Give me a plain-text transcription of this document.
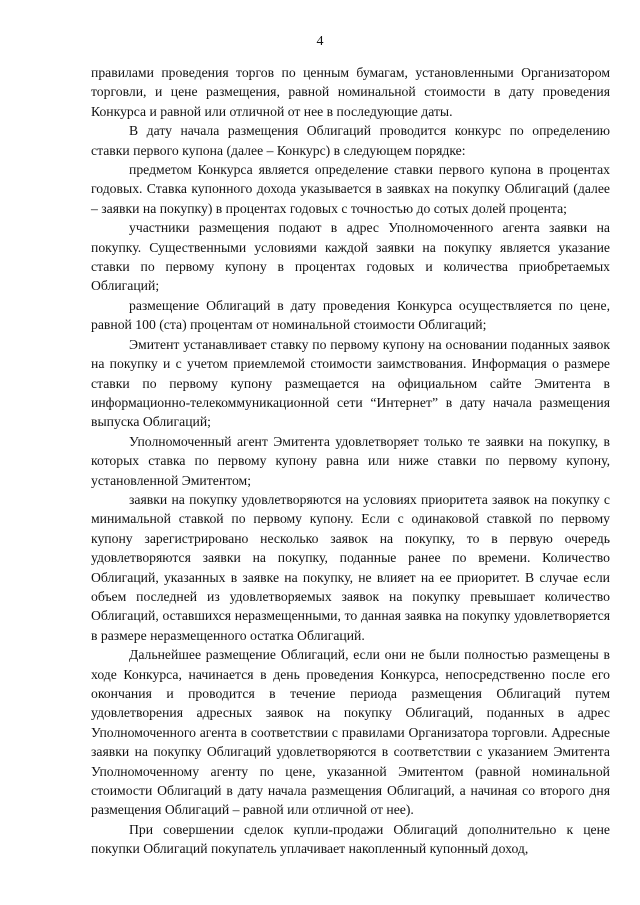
4

правилами проведения торгов по ценным бумагам, установленными Организатором торговли, и цене размещения, равной номинальной стоимости в дату проведения Конкурса и равной или отличной от нее в последующие даты.

В дату начала размещения Облигаций проводится конкурс по определению ставки первого купона (далее – Конкурс) в следующем порядке:

предметом Конкурса является определение ставки первого купона в процентах годовых. Ставка купонного дохода указывается в заявках на покупку Облигаций (далее – заявки на покупку) в процентах годовых с точностью до сотых долей процента;

участники размещения подают в адрес Уполномоченного агента заявки на покупку. Существенными условиями каждой заявки на покупку является указание ставки по первому купону в процентах годовых и количества приобретаемых Облигаций;

размещение Облигаций в дату проведения Конкурса осуществляется по цене, равной 100 (ста) процентам от номинальной стоимости Облигаций;

Эмитент устанавливает ставку по первому купону на основании поданных заявок на покупку и с учетом приемлемой стоимости заимствования. Информация о размере ставки по первому купону размещается на официальном сайте Эмитента в информационно-телекоммуникационной сети “Интернет” в дату начала размещения выпуска Облигаций;

Уполномоченный агент Эмитента удовлетворяет только те заявки на покупку, в которых ставка по первому купону равна или ниже ставки по первому купону, установленной Эмитентом;

заявки на покупку удовлетворяются на условиях приоритета заявок на покупку с минимальной ставкой по первому купону. Если с одинаковой ставкой по первому купону зарегистрировано несколько заявок на покупку, то в первую очередь удовлетворяются заявки на покупку, поданные ранее по времени. Количество Облигаций, указанных в заявке на покупку, не влияет на ее приоритет. В случае если объем последней из удовлетворяемых заявок на покупку превышает количество Облигаций, оставшихся неразмещенными, то данная заявка на покупку удовлетворяется в размере неразмещенного остатка Облигаций.

Дальнейшее размещение Облигаций, если они не были полностью размещены в ходе Конкурса, начинается в день проведения Конкурса, непосредственно после его окончания и проводится в течение периода размещения Облигаций путем удовлетворения адресных заявок на покупку Облигаций, поданных в адрес Уполномоченного агента в соответствии с правилами Организатора торговли. Адресные заявки на покупку Облигаций удовлетворяются в соответствии с указанием Эмитента Уполномоченному агенту по цене, указанной Эмитентом (равной номинальной стоимости Облигаций в дату начала размещения Облигаций, а начиная со второго дня размещения Облигаций – равной или отличной от нее).

При совершении сделок купли-продажи Облигаций дополнительно к цене покупки Облигаций покупатель уплачивает накопленный купонный доход,
